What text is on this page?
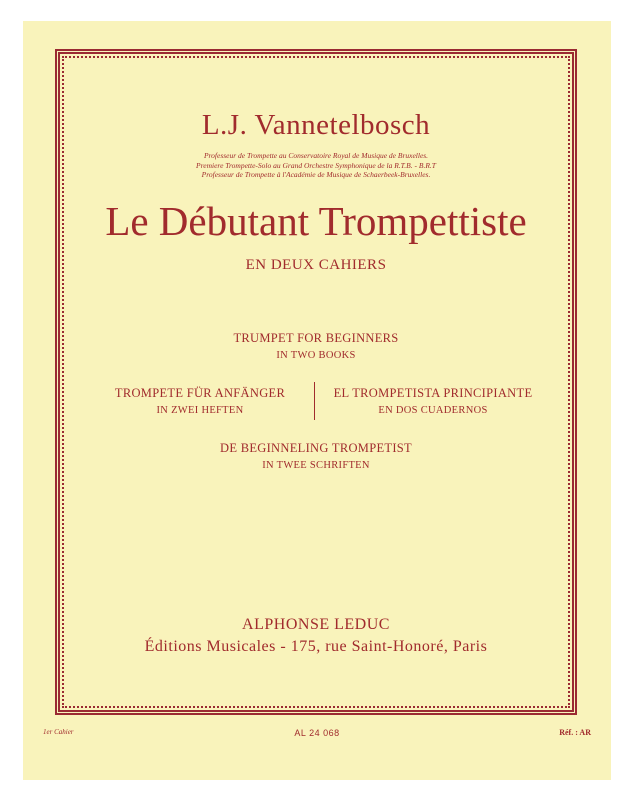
L.J. Vannetelbosch
Professeur de Trompette au Conservatoire Royal de Musique de Bruxelles.
Premiere Trompette-Solo au Grand Orchestre Symphonique de la R.T.B. - B.R.T
Professeur de Trompette à l'Académie de Musique de Schaerbeek-Bruxelles.
Le Débutant Trompettiste
EN DEUX CAHIERS
TRUMPET FOR BEGINNERS
IN TWO BOOKS
TROMPETE FÜR ANFÄNGER
IN ZWEI HEFTEN
EL TROMPETISTA PRINCIPIANTE
EN DOS CUADERNOS
DE BEGINNELING TROMPETIST
IN TWEE SCHRIFTEN
ALPHONSE LEDUC
Éditions Musicales - 175, rue Saint-Honoré, Paris
1er Cahier	AL 24 068	Réf. : AR
